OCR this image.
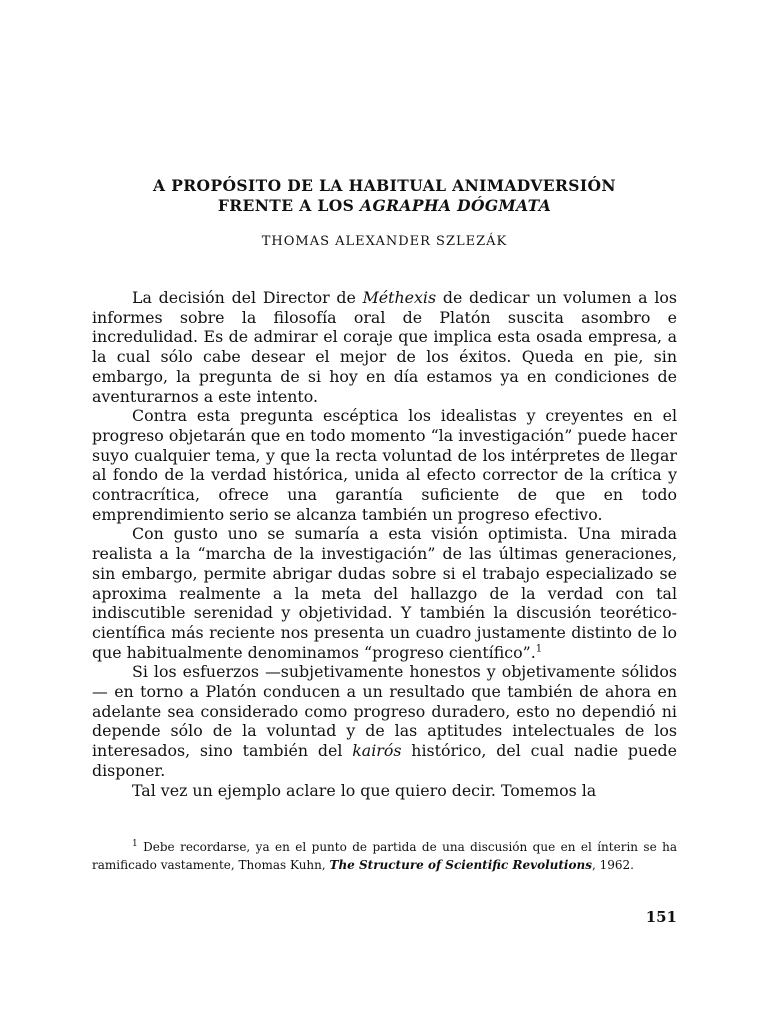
A PROPÓSITO DE LA HABITUAL ANIMADVERSIÓN
FRENTE A LOS AGRAPHA DÓGMATA
THOMAS ALEXANDER SZLEZÁK

La decisión del Director de Méthexis de dedicar un volumen a los informes sobre la filosofía oral de Platón suscita asombro e incredulidad. Es de admirar el coraje que implica esta osada empresa, a la cual sólo cabe desear el mejor de los éxitos. Queda en pie, sin embargo, la pregunta de si hoy en día estamos ya en condiciones de aventurarnos a este intento.

Contra esta pregunta escéptica los idealistas y creyentes en el progreso objetarán que en todo momento “la investigación” puede hacer suyo cualquier tema, y que la recta voluntad de los intérpretes de llegar al fondo de la verdad histórica, unida al efecto corrector de la crítica y contracrítica, ofrece una garantía suficiente de que en todo emprendimiento serio se alcanza también un progreso efectivo.

Con gusto uno se sumaría a esta visión optimista. Una mirada realista a la “marcha de la investigación” de las últimas generaciones, sin embargo, permite abrigar dudas sobre si el trabajo especializado se aproxima realmente a la meta del hallazgo de la verdad con tal indiscutible serenidad y objetividad. Y también la discusión teorético-científica más reciente nos presenta un cuadro justamente distinto de lo que habitualmente denominamos “progreso científico”.$^1$

Si los esfuerzos —subjetivamente honestos y objetivamente sólidos— en torno a Platón conducen a un resultado que también de ahora en adelante sea considerado como progreso duradero, esto no dependió ni depende sólo de la voluntad y de las aptitudes intelectuales de los interesados, sino también del kairós histórico, del cual nadie puede disponer.

Tal vez un ejemplo aclare lo que quiero decir. Tomemos la

$^1$ Debe recordarse, ya en el punto de partida de una discusión que en el ínterin se ha ramificado vastamente, Thomas Kuhn, The Structure of Scientific Revolutions, 1962.
151
